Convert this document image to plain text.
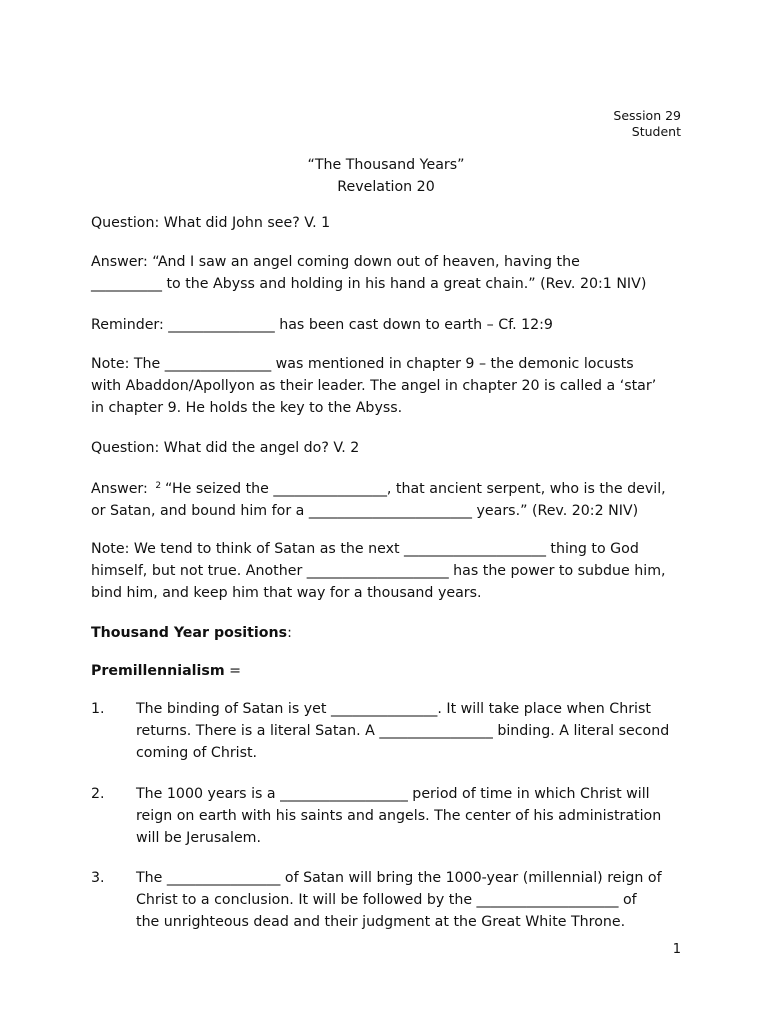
Session 29
Student
“The Thousand Years”
Revelation 20

Question: What did John see? V. 1

Answer: “And I saw an angel coming down out of heaven, having the
__________ to the Abyss and holding in his hand a great chain.” (Rev. 20:1 NIV)

Reminder: _______________ has been cast down to earth – Cf. 12:9

Note: The _______________ was mentioned in chapter 9 – the demonic locusts
with Abaddon/Apollyon as their leader. The angel in chapter 20 is called a ‘star’
in chapter 9. He holds the key to the Abyss.

Question: What did the angel do? V. 2

Answer: $^2$ “He seized the ________________, that ancient serpent, who is the devil,
or Satan, and bound him for a _______________________ years.” (Rev. 20:2 NIV)
Note: We tend to think of Satan as the next ____________________ thing to God
himself, but not true. Another ____________________ has the power to subdue him,
bind him, and keep him that way for a thousand years.

Thousand Year positions:

Premillennialism =

1. The binding of Satan is yet _______________. It will take place when Christ
returns. There is a literal Satan. A ________________ binding. A literal second
coming of Christ.
2. The 1000 years is a __________________ period of time in which Christ will
reign on earth with his saints and angels. The center of his administration
will be Jerusalem.
3. The ________________ of Satan will bring the 1000-year (millennial) reign of
Christ to a conclusion. It will be followed by the ____________________ of
the unrighteous dead and their judgment at the Great White Throne.
1
